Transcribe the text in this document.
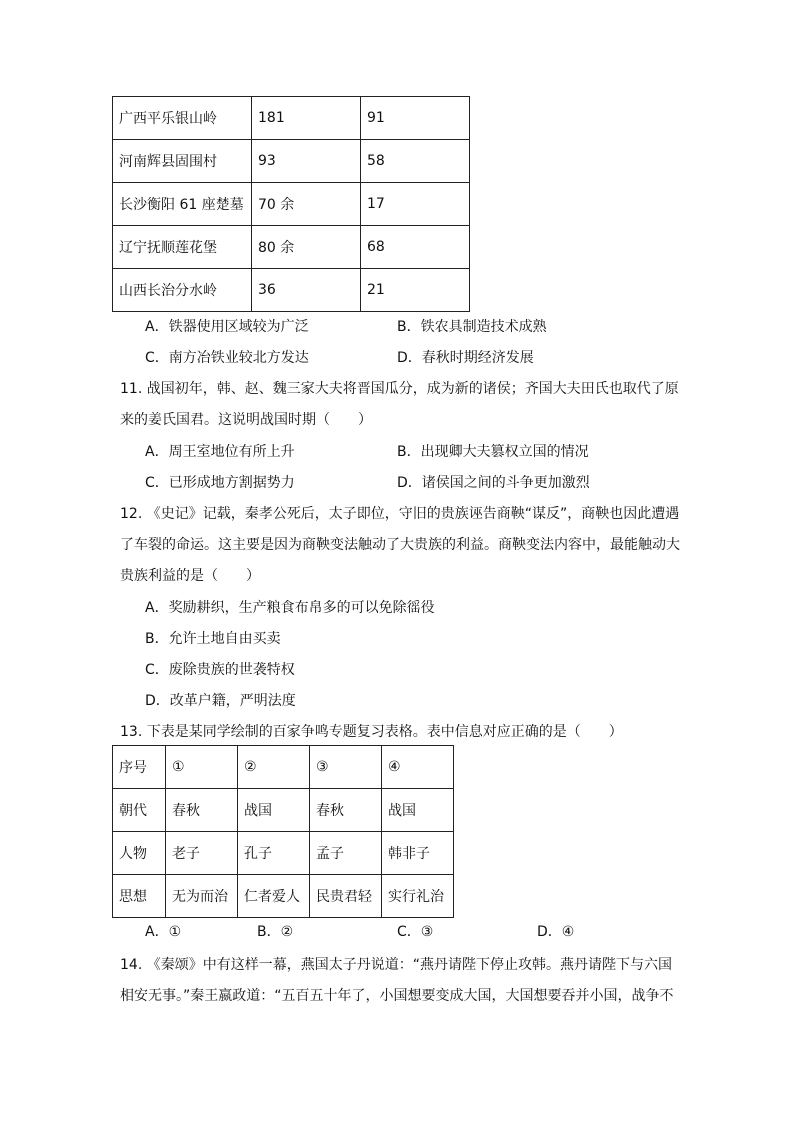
广西平乐银山岭	181	91
河南辉县固围村	93	58
长沙衡阳 61 座楚墓	70 余	17
辽宁抚顺莲花堡	80 余	68
山西长治分水岭	36	21
A．铁器使用区域较为广泛	B．铁农具制造技术成熟
C．南方冶铁业较北方发达	D．春秋时期经济发展
11. 战国初年，韩、赵、魏三家大夫将晋国瓜分，成为新的诸侯；齐国大夫田氏也取代了原
来的姜氏国君。这说明战国时期（　　）
A．周王室地位有所上升	B．出现卿大夫篡权立国的情况
C．已形成地方割据势力	D．诸侯国之间的斗争更加激烈
12. 《史记》记载，秦孝公死后，太子即位，守旧的贵族诬告商鞅“谋反”，商鞅也因此遭遇
了车裂的命运。这主要是因为商鞅变法触动了大贵族的利益。商鞅变法内容中，最能触动大
贵族利益的是（　　）
A．奖励耕织，生产粮食布帛多的可以免除徭役
B．允许土地自由买卖
C．废除贵族的世袭特权
D．改革户籍，严明法度
13. 下表是某同学绘制的百家争鸣专题复习表格。表中信息对应正确的是（　　）
序号	①	②	③	④
朝代	春秋	战国	春秋	战国
人物	老子	孔子	孟子	韩非子
思想	无为而治	仁者爱人	民贵君轻	实行礼治
A．①	B．②	C．③	D．④
14. 《秦颂》中有这样一幕，燕国太子丹说道：“燕丹请陛下停止攻韩。燕丹请陛下与六国
相安无事。”秦王嬴政道：“五百五十年了，小国想要变成大国，大国想要吞并小国，战争不
